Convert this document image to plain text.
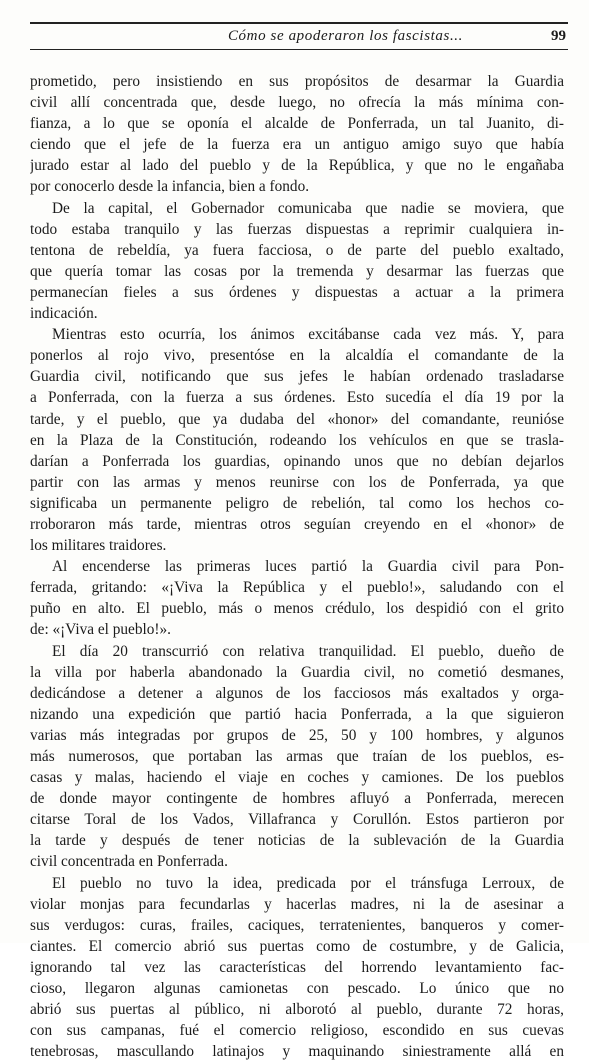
Cómo se apoderaron los fascistas...	99
prometido, pero insistiendo en sus propósitos de desarmar la Guardia
civil allí concentrada que, desde luego, no ofrecía la más mínima con-
fianza, a lo que se oponía el alcalde de Ponferrada, un tal Juanito, di-
ciendo que el jefe de la fuerza era un antiguo amigo suyo que había
jurado estar al lado del pueblo y de la República, y que no le engañaba
por conocerlo desde la infancia, bien a fondo.
De la capital, el Gobernador comunicaba que nadie se moviera, que
todo estaba tranquilo y las fuerzas dispuestas a reprimir cualquiera in-
tentona de rebeldía, ya fuera facciosa, o de parte del pueblo exaltado,
que quería tomar las cosas por la tremenda y desarmar las fuerzas que
permanecían fieles a sus órdenes y dispuestas a actuar a la primera
indicación.
Mientras esto ocurría, los ánimos excitábanse cada vez más. Y, para
ponerlos al rojo vivo, presentóse en la alcaldía el comandante de la
Guardia civil, notificando que sus jefes le habían ordenado trasladarse
a Ponferrada, con la fuerza a sus órdenes. Esto sucedía el día 19 por la
tarde, y el pueblo, que ya dudaba del «honor» del comandante, reunióse
en la Plaza de la Constitución, rodeando los vehículos en que se trasla-
darían a Ponferrada los guardias, opinando unos que no debían dejarlos
partir con las armas y menos reunirse con los de Ponferrada, ya que
significaba un permanente peligro de rebelión, tal como los hechos co-
rroboraron más tarde, mientras otros seguían creyendo en el «honor» de
los militares traidores.
Al encenderse las primeras luces partió la Guardia civil para Pon-
ferrada, gritando: «¡Viva la República y el pueblo!», saludando con el
puño en alto. El pueblo, más o menos crédulo, los despidió con el grito
de: «¡Viva el pueblo!».
El día 20 transcurrió con relativa tranquilidad. El pueblo, dueño de
la villa por haberla abandonado la Guardia civil, no cometió desmanes,
dedicándose a detener a algunos de los facciosos más exaltados y orga-
nizando una expedición que partió hacia Ponferrada, a la que siguieron
varias más integradas por grupos de 25, 50 y 100 hombres, y algunos
más numerosos, que portaban las armas que traían de los pueblos, es-
casas y malas, haciendo el viaje en coches y camiones. De los pueblos
de donde mayor contingente de hombres afluyó a Ponferrada, merecen
citarse Toral de los Vados, Villafranca y Corullón. Estos partieron por
la tarde y después de tener noticias de la sublevación de la Guardia
civil concentrada en Ponferrada.
El pueblo no tuvo la idea, predicada por el tránsfuga Lerroux, de
violar monjas para fecundarlas y hacerlas madres, ni la de asesinar a
sus verdugos: curas, frailes, caciques, terratenientes, banqueros y comer-
ciantes. El comercio abrió sus puertas como de costumbre, y de Galicia,
ignorando tal vez las características del horrendo levantamiento fac-
cioso, llegaron algunas camionetas con pescado. Lo único que no
abrió sus puertas al público, ni alborotó al pueblo, durante 72 horas,
con sus campanas, fué el comercio religioso, escondido en sus cuevas
tenebrosas, mascullando latinajos y maquinando siniestramente allá en
